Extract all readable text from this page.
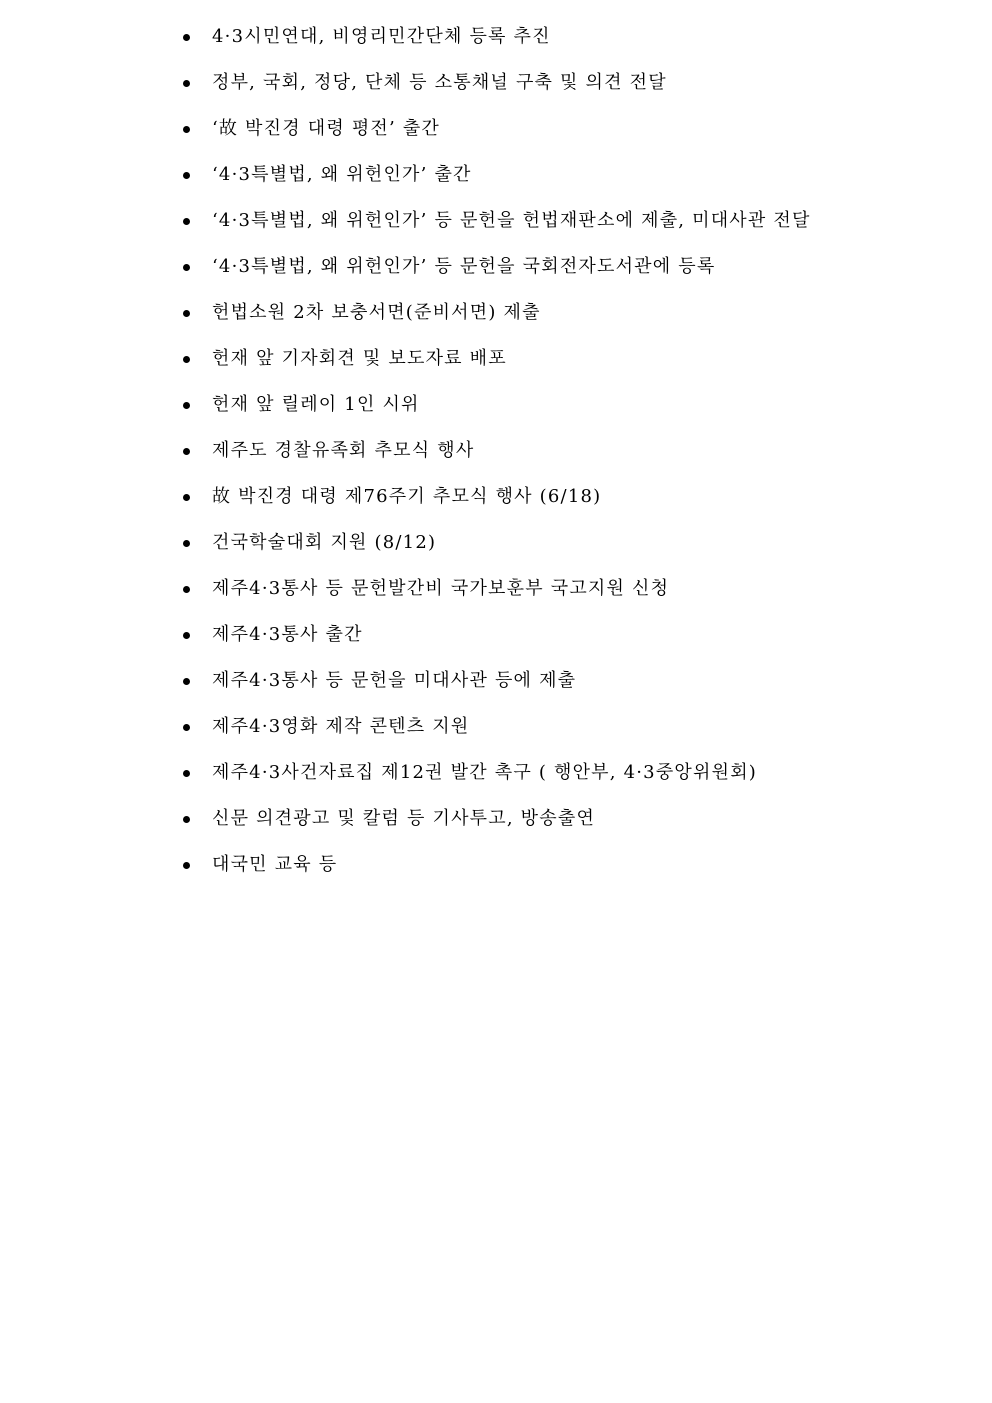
4·3시민연대, 비영리민간단체 등록 추진
정부, 국회, 정당, 단체 등 소통채널 구축 및 의견 전달
‘故 박진경 대령 평전’ 출간
‘4·3특별법, 왜 위헌인가’ 출간
‘4·3특별법, 왜 위헌인가’ 등 문헌을 헌법재판소에 제출, 미대사관 전달
‘4·3특별법, 왜 위헌인가’ 등 문헌을 국회전자도서관에 등록
헌법소원 2차 보충서면(준비서면) 제출
헌재 앞 기자회견 및 보도자료 배포
헌재 앞 릴레이 1인 시위
제주도 경찰유족회 추모식 행사
故 박진경 대령 제76주기 추모식 행사 (6/18)
건국학술대회 지원 (8/12)
제주4·3통사 등 문헌발간비 국가보훈부 국고지원 신청
제주4·3통사 출간
제주4·3통사 등 문헌을 미대사관 등에 제출
제주4·3영화 제작 콘텐츠 지원
제주4·3사건자료집 제12권 발간 촉구 ( 행안부, 4·3중앙위원회)
신문 의견광고 및 칼럼 등 기사투고, 방송출연
대국민 교육 등
